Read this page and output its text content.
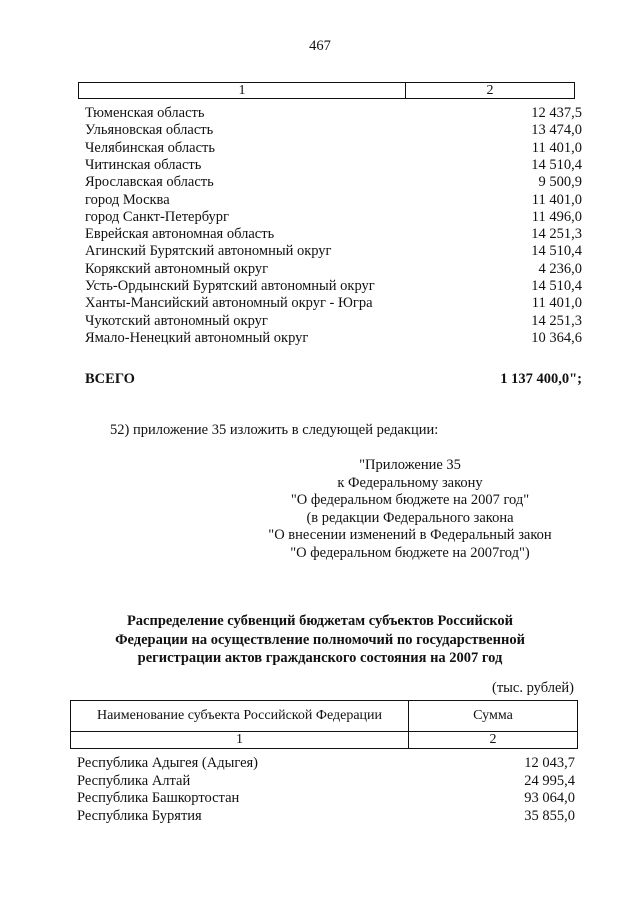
467
1	2
Тюменская область	12 437,5
Ульяновская область	13 474,0
Челябинская область	11 401,0
Читинская область	14 510,4
Ярославская область	9 500,9
город Москва	11 401,0
город Санкт-Петербург	11 496,0
Еврейская автономная область	14 251,3
Агинский Бурятский автономный округ	14 510,4
Корякский автономный округ	4 236,0
Усть-Ордынский Бурятский автономный округ	14 510,4
Ханты-Мансийский автономный округ - Югра	11 401,0
Чукотский автономный округ	14 251,3
Ямало-Ненецкий автономный округ	10 364,6
ВСЕГО	1 137 400,0";
52) приложение 35 изложить в следующей редакции:
"Приложение 35
к Федеральному закону
"О федеральном бюджете на 2007 год"
(в редакции Федерального закона
"О внесении изменений в Федеральный закон
"О федеральном бюджете на 2007год")
Распределение субвенций бюджетам субъектов Российской
Федерации на осуществление полномочий по государственной
регистрации актов гражданского состояния на 2007 год
(тыс. рублей)
Наименование субъекта Российской Федерации	Сумма
1	2
Республика Адыгея (Адыгея)	12 043,7
Республика Алтай	24 995,4
Республика Башкортостан	93 064,0
Республика Бурятия	35 855,0
